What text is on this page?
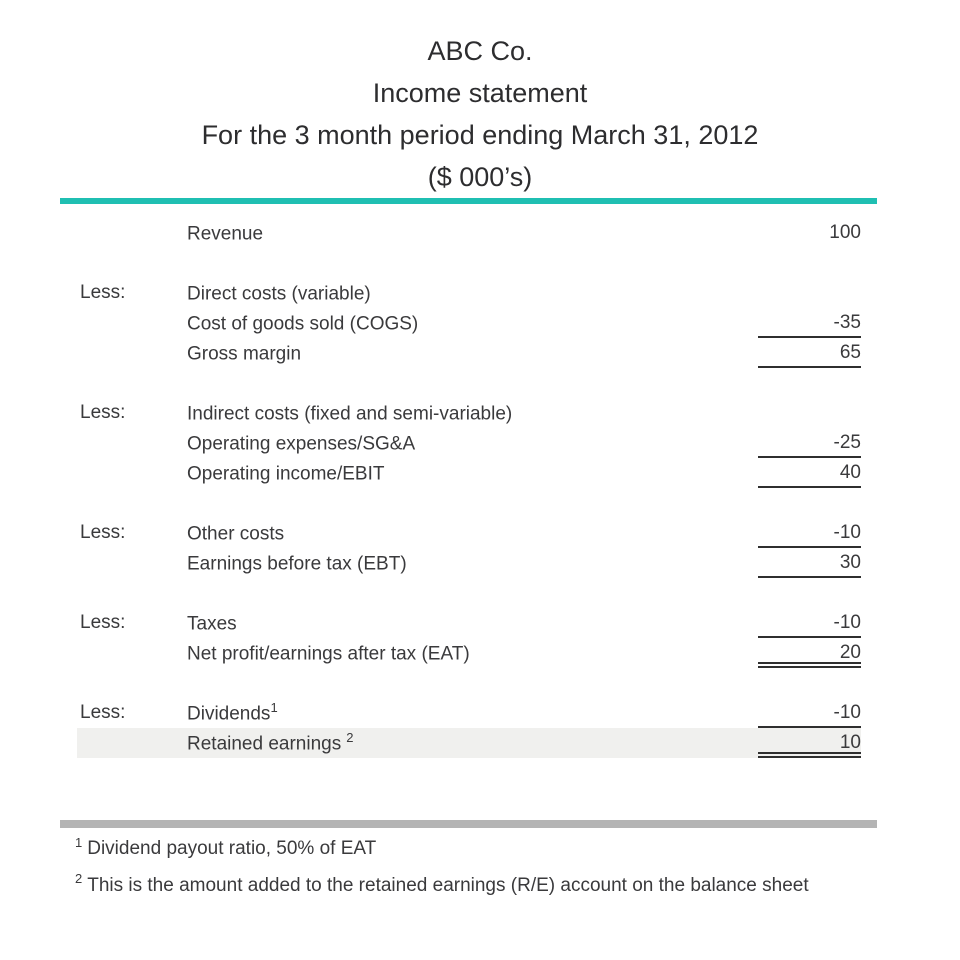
ABC Co.
Income statement
For the 3 month period ending March 31, 2012
($ 000’s)
Revenue	100
Less:	Direct costs (variable)
Cost of goods sold (COGS)	-35
Gross margin	65
Less:	Indirect costs (fixed and semi-variable)
Operating expenses/SG&A	-25
Operating income/EBIT	40
Less:	Other costs	-10
Earnings before tax (EBT)	30
Less:	Taxes	-10
Net profit/earnings after tax (EAT)	20
Less:	Dividends$^1$	-10
Retained earnings $^2$	10
$^1$ Dividend payout ratio, 50% of EAT
$^2$ This is the amount added to the retained earnings (R/E) account on the balance sheet
